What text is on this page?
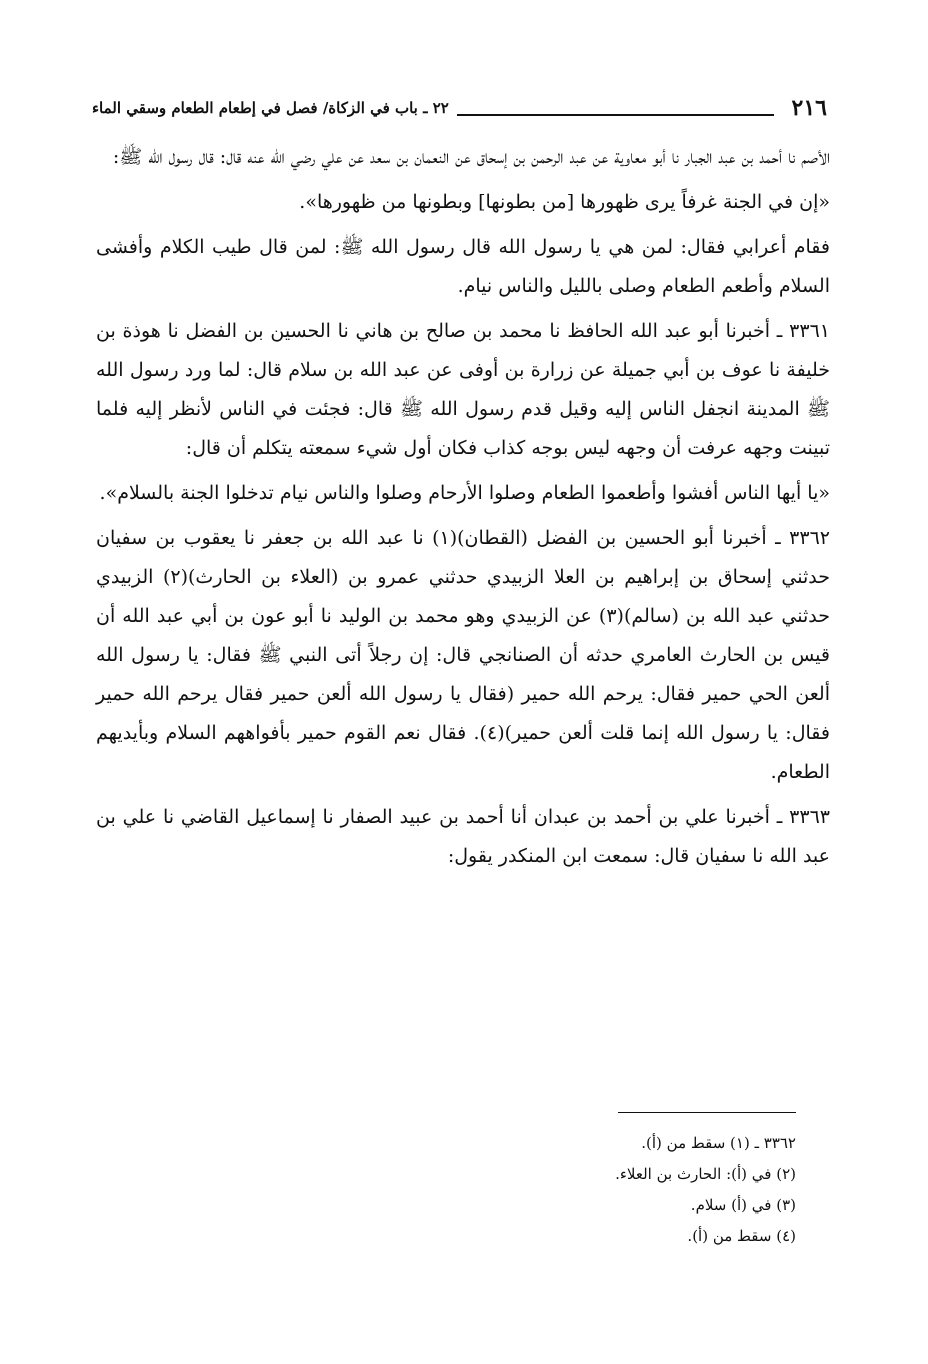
٢١٦
٢٢ ـ باب في الزكاة/ فصل في إطعام الطعام وسقي الماء

الأصم نا أحمد بن عبد الجبار نا أبو معاوية عن عبد الرحمن بن إسحاق عن النعمان بن سعد عن علي رضي الله عنه قال: قال رسول الله ﷺ:

«إن في الجنة غرفاً يرى ظهورها [من بطونها] وبطونها من ظهورها».

فقام أعرابي فقال: لمن هي يا رسول الله قال رسول الله ﷺ: لمن قال طيب الكلام وأفشى السلام وأطعم الطعام وصلى بالليل والناس نيام.

٣٣٦١ ـ أخبرنا أبو عبد الله الحافظ نا محمد بن صالح بن هاني نا الحسين بن الفضل نا هوذة بن خليفة نا عوف بن أبي جميلة عن زرارة بن أوفى عن عبد الله بن سلام قال: لما ورد رسول الله ﷺ المدينة انجفل الناس إليه وقيل قدم رسول الله ﷺ قال: فجئت في الناس لأنظر إليه فلما تبينت وجهه عرفت أن وجهه ليس بوجه كذاب فكان أول شيء سمعته يتكلم أن قال:

«يا أيها الناس أفشوا وأطعموا الطعام وصلوا الأرحام وصلوا والناس نيام تدخلوا الجنة بالسلام».

٣٣٦٢ ـ أخبرنا أبو الحسين بن الفضل (القطان)(١) نا عبد الله بن جعفر نا يعقوب بن سفيان حدثني إسحاق بن إبراهيم بن العلا الزبيدي حدثني عمرو بن (العلاء بن الحارث)(٢) الزبيدي حدثني عبد الله بن (سالم)(٣) عن الزبيدي وهو محمد بن الوليد نا أبو عون بن أبي عبد الله أن قيس بن الحارث العامري حدثه أن الصنانجي قال: إن رجلاً أتى النبي ﷺ فقال: يا رسول الله ألعن الحي حمير فقال: يرحم الله حمير (فقال يا رسول الله ألعن حمير فقال يرحم الله حمير فقال: يا رسول الله إنما قلت ألعن حمير)(٤). فقال نعم القوم حمير بأفواههم السلام وبأيديهم الطعام.

٣٣٦٣ ـ أخبرنا علي بن أحمد بن عبدان أنا أحمد بن عبيد الصفار نا إسماعيل القاضي نا علي بن عبد الله نا سفيان قال: سمعت ابن المنكدر يقول:

٣٣٦٢ ـ (١) سقط من (أ).
(٢) في (أ): الحارث بن العلاء.
(٣) في (أ) سلام.
(٤) سقط من (أ).
